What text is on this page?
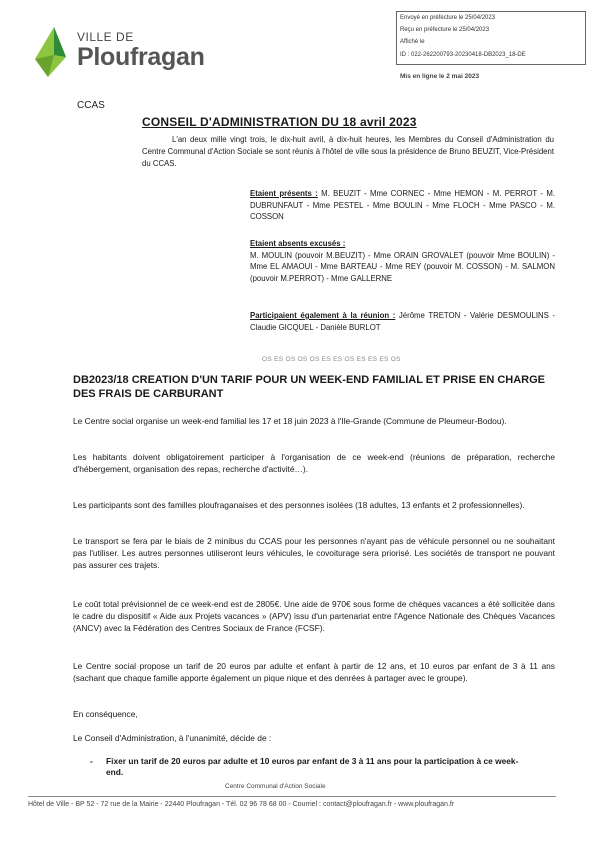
VILLE DE
Ploufragan
Envoyé en préfecture le 25/04/2023
Reçu en préfecture le 25/04/2023
Affiché le
ID : 022-262200793-20230418-DB2023_18-DE
Mis en ligne le 2 mai 2023
CCAS
CONSEIL D'ADMINISTRATION DU 18 avril 2023
L'an deux mille vingt trois, le dix-huit avril, à dix-huit heures, les Membres du Conseil d'Administration du Centre Communal d'Action Sociale se sont réunis à l'hôtel de ville sous la présidence de Bruno BEUZIT, Vice-Président du CCAS.
Etaient présents : M. BEUZIT - Mme CORNEC - Mme HEMON - M. PERROT - M. DUBRUNFAUT - Mme PESTEL - Mme BOULIN - Mme FLOCH - Mme PASCO - M. COSSON
Etaient absents excusés :
M. MOULIN (pouvoir M.BEUZIT) - Mme ORAIN GROVALET (pouvoir Mme BOULIN) - Mme EL AMAOUI - Mme BARTEAU - Mme REY (pouvoir M. COSSON) - M. SALMON (pouvoir M.PERROT) - Mme GALLERNE
Participaient également à la réunion : Jérôme TRETON - Valérie DESMOULINS - Claudie GICQUEL - Danièle BURLOT
OS ES OS OS OS ES ES OS ES ES ES OS
DB2023/18 CREATION D'UN TARIF POUR UN WEEK-END FAMILIAL ET PRISE EN CHARGE DES FRAIS DE CARBURANT
Le Centre social organise un week-end familial les 17 et 18 juin 2023 à l'Ile-Grande (Commune de Pleumeur-Bodou).
Les habitants doivent obligatoirement participer à l'organisation de ce week-end (réunions de préparation, recherche d'hébergement, organisation des repas, recherche d'activité…).
Les participants sont des familles ploufraganaises et des personnes isolées (18 adultes, 13 enfants et 2 professionnelles).
Le transport se fera par le biais de 2 minibus du CCAS pour les personnes n'ayant pas de véhicule personnel ou ne souhaitant pas l'utiliser. Les autres personnes utiliseront leurs véhicules, le covoiturage sera priorisé. Les sociétés de transport ne pouvant pas assurer ces trajets.
Le coût total prévisionnel de ce week-end est de 2805€. Une aide de 970€ sous forme de chèques vacances a été sollicitée dans le cadre du dispositif « Aide aux Projets vacances » (APV) issu d'un partenariat entre l'Agence Nationale des Chèques Vacances (ANCV) avec la Fédération des Centres Sociaux de France (FCSF).
Le Centre social propose un tarif de 20 euros par adulte et enfant à partir de 12 ans, et 10 euros par enfant de 3 à 11 ans (sachant que chaque famille apporte également un pique nique et des denrées à partager avec le groupe).
En conséquence,
Le Conseil d'Administration, à l'unanimité, décide de :
- Fixer un tarif de 20 euros par adulte et 10 euros par enfant de 3 à 11 ans pour la participation à ce week-end.
Centre Communal d'Action Sociale
Hôtel de Ville - BP 52 - 72 rue de la Mairie - 22440 Ploufragan - Tél. 02 96 78 68 00 - Courriel : contact@ploufragan.fr - www.ploufragan.fr
